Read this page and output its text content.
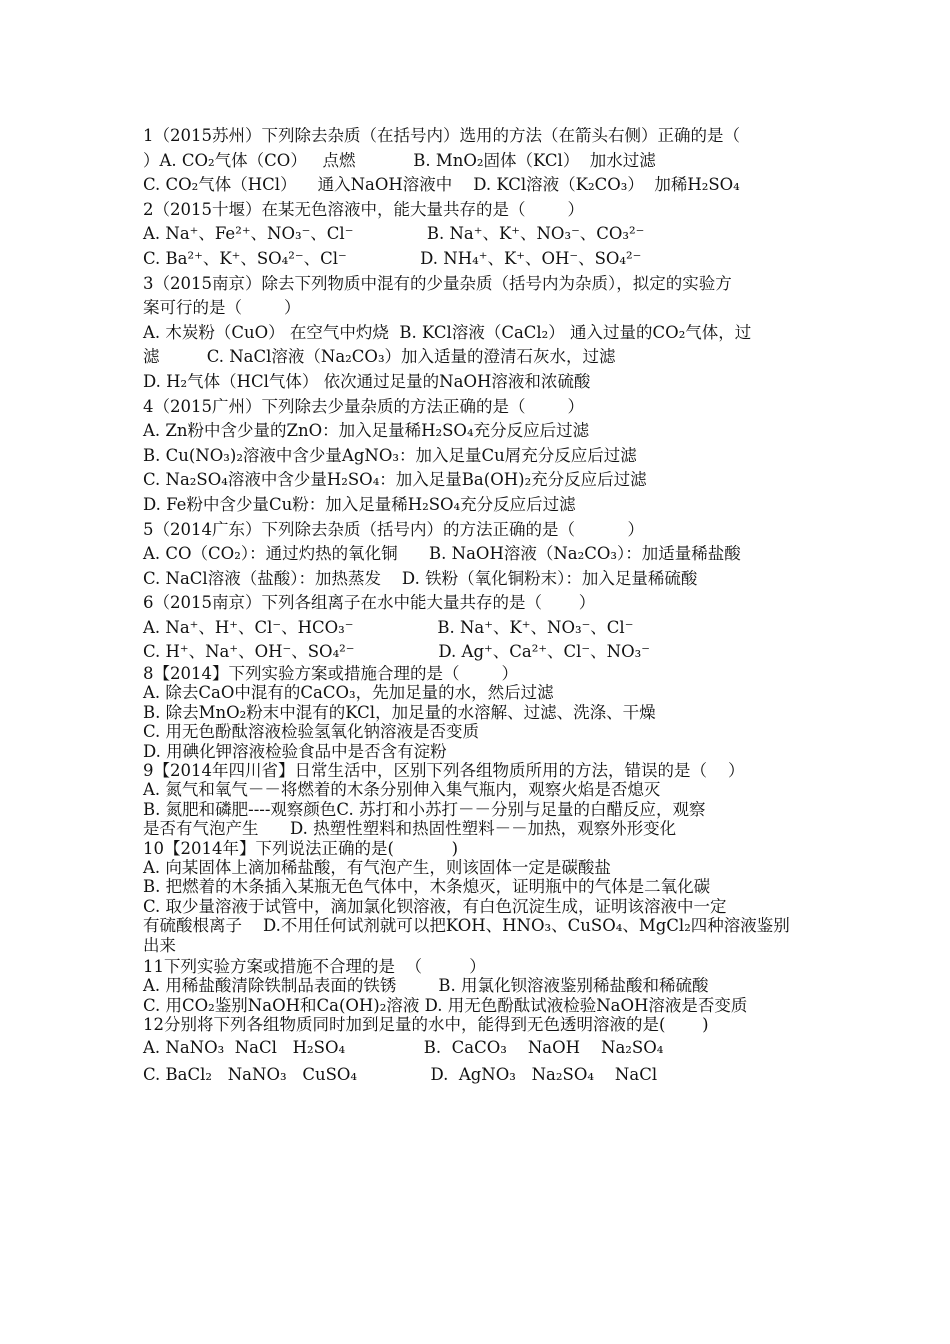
1（2015苏州）下列除去杂质（在括号内）选用的方法（在箭头右侧）正确的是（
）A. CO₂气体（CO）   点燃           B. MnO₂固体（KCl）  加水过滤
C. CO₂气体（HCl）    通入NaOH溶液中    D. KCl溶液（K₂CO₃）  加稀H₂SO₄
2（2015十堰）在某无色溶液中，能大量共存的是（        ）
A. Na⁺、Fe²⁺、NO₃⁻、Cl⁻              B. Na⁺、K⁺、NO₃⁻、CO₃²⁻
C. Ba²⁺、K⁺、SO₄²⁻、Cl⁻              D. NH₄⁺、K⁺、OH⁻、SO₄²⁻
3（2015南京）除去下列物质中混有的少量杂质（括号内为杂质），拟定的实验方
案可行的是（        ）
A. 木炭粉（CuO） 在空气中灼烧  B. KCl溶液（CaCl₂） 通入过量的CO₂气体，过
滤         C. NaCl溶液（Na₂CO₃）加入适量的澄清石灰水，过滤
D. H₂气体（HCl气体） 依次通过足量的NaOH溶液和浓硫酸
4（2015广州）下列除去少量杂质的方法正确的是（        ）
A. Zn粉中含少量的ZnO：加入足量稀H₂SO₄充分反应后过滤
B. Cu(NO₃)₂溶液中含少量AgNO₃：加入足量Cu屑充分反应后过滤
C. Na₂SO₄溶液中含少量H₂SO₄：加入足量Ba(OH)₂充分反应后过滤
D. Fe粉中含少量Cu粉：加入足量稀H₂SO₄充分反应后过滤
5（2014广东）下列除去杂质（括号内）的方法正确的是（          ）
A. CO（CO₂）：通过灼热的氧化铜      B. NaOH溶液（Na₂CO₃）：加适量稀盐酸
C. NaCl溶液（盐酸）：加热蒸发    D. 铁粉（氧化铜粉末）：加入足量稀硫酸
6（2015南京）下列各组离子在水中能大量共存的是（       ）
A. Na⁺、H⁺、Cl⁻、HCO₃⁻                B. Na⁺、K⁺、NO₃⁻、Cl⁻
C. H⁺、Na⁺、OH⁻、SO₄²⁻                D. Ag⁺、Ca²⁺、Cl⁻、NO₃⁻
8【2014】下列实验方案或措施合理的是（        ）
A. 除去CaO中混有的CaCO₃，先加足量的水，然后过滤
B. 除去MnO₂粉末中混有的KCl，加足量的水溶解、过滤、洗涤、干燥
C. 用无色酚酞溶液检验氢氧化钠溶液是否变质
D. 用碘化钾溶液检验食品中是否含有淀粉
9【2014年四川省】日常生活中，区别下列各组物质所用的方法，错误的是（    ）
A. 氮气和氧气－－将燃着的木条分别伸入集气瓶内，观察火焰是否熄灭
B. 氮肥和磷肥----观察颜色C. 苏打和小苏打－－分别与足量的白醋反应，观察
是否有气泡产生      D. 热塑性塑料和热固性塑料－－加热，观察外形变化
10【2014年】下列说法正确的是(           )
A. 向某固体上滴加稀盐酸，有气泡产生，则该固体一定是碳酸盐
B. 把燃着的木条插入某瓶无色气体中，木条熄灭，证明瓶中的气体是二氧化碳
C. 取少量溶液于试管中，滴加氯化钡溶液，有白色沉淀生成，证明该溶液中一定
有硫酸根离子    D.不用任何试剂就可以把KOH、HNO₃、CuSO₄、MgCl₂四种溶液鉴别
出来
11下列实验方案或措施不合理的是  （         ）
A. 用稀盐酸清除铁制品表面的铁锈        B. 用氯化钡溶液鉴别稀盐酸和稀硫酸
C. 用CO₂鉴别NaOH和Ca(OH)₂溶液 D. 用无色酚酞试液检验NaOH溶液是否变质
12分别将下列各组物质同时加到足量的水中，能得到无色透明溶液的是(       )
A. NaNO₃  NaCl   H₂SO₄               B.  CaCO₃    NaOH    Na₂SO₄
C. BaCl₂   NaNO₃   CuSO₄              D.  AgNO₃   Na₂SO₄    NaCl
